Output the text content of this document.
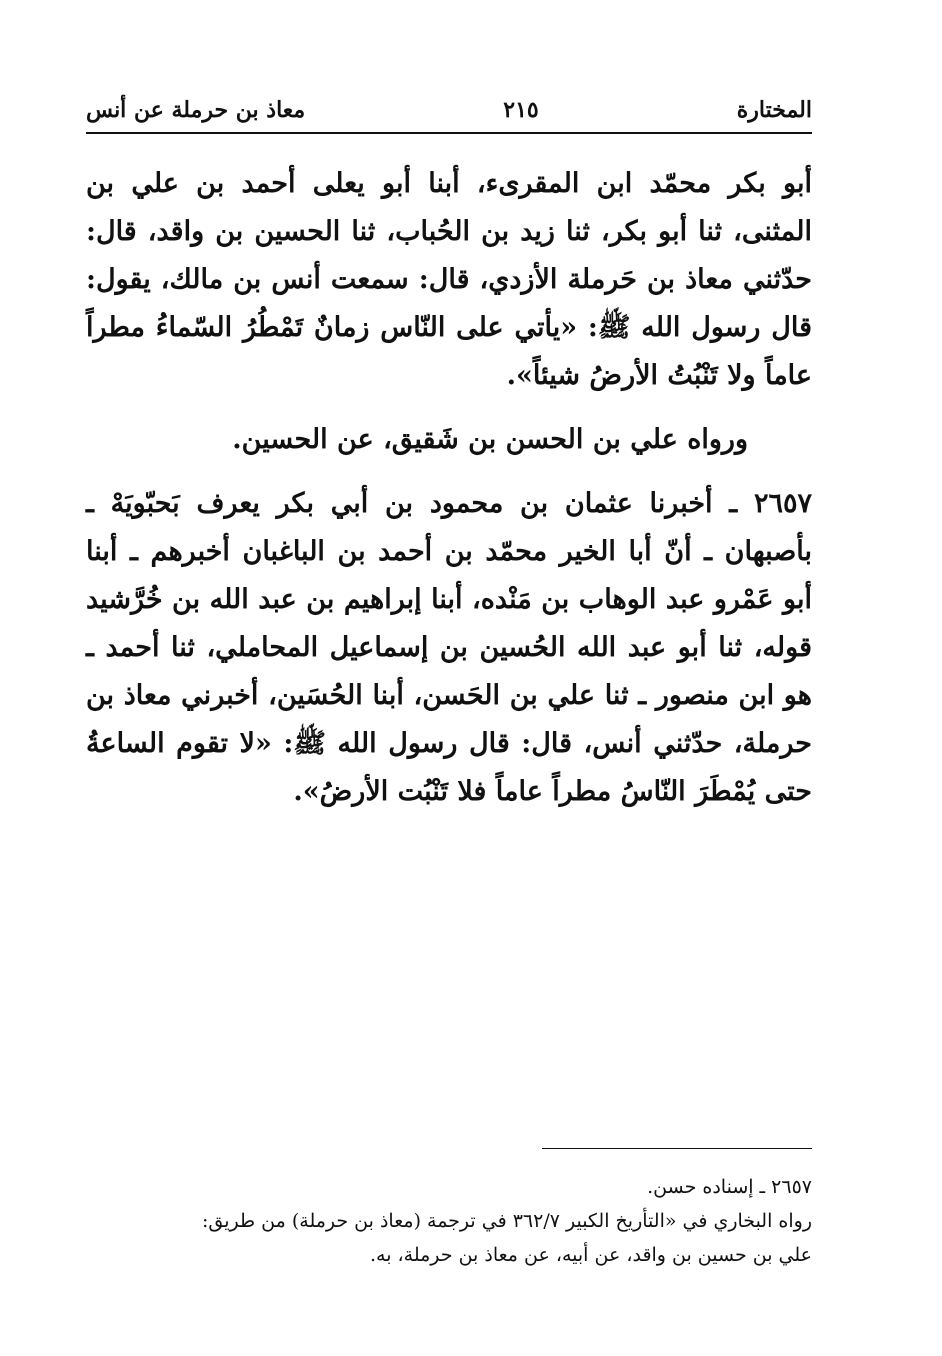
المختارة
٢١٥
معاذ بن حرملة عن أنس

أبو بكر محمّد ابن المقرىء، أبنا أبو يعلى أحمد بن علي بن المثنى، ثنا أبو بكر، ثنا زيد بن الحُباب، ثنا الحسين بن واقد، قال: حدّثني معاذ بن حَرملة الأزدي، قال: سمعت أنس بن مالك، يقول: قال رسول الله ﷺ: «يأتي على النّاس زمانٌ تَمْطُرُ السّماءُ مطراً عاماً ولا تَنْبُتُ الأرضُ شيئاً».

ورواه علي بن الحسن بن شَقيق، عن الحسين.

٢٦٥٧ ـ أخبرنا عثمان بن محمود بن أبي بكر يعرف بَحبّويَهْ ـ بأصبهان ـ أنّ أبا الخير محمّد بن أحمد بن الباغبان أخبرهم ـ أبنا أبو عَمْرو عبد الوهاب بن مَنْده، أبنا إبراهيم بن عبد الله بن خُرَّشيد قوله، ثنا أبو عبد الله الحُسين بن إسماعيل المحاملي، ثنا أحمد ـ هو ابن منصور ـ ثنا علي بن الحَسن، أبنا الحُسَين، أخبرني معاذ بن حرملة، حدّثني أنس، قال: قال رسول الله ﷺ: «لا تقوم الساعةُ حتى يُمْطَرَ النّاسُ مطراً عاماً فلا تَنْبُت الأرضُ».

٢٦٥٧ ـ إسناده حسن.

رواه البخاري في «التأريخ الكبير ٣٦٢/٧ في ترجمة (معاذ بن حرملة) من طريق:

علي بن حسين بن واقد، عن أبيه، عن معاذ بن حرملة، به.
